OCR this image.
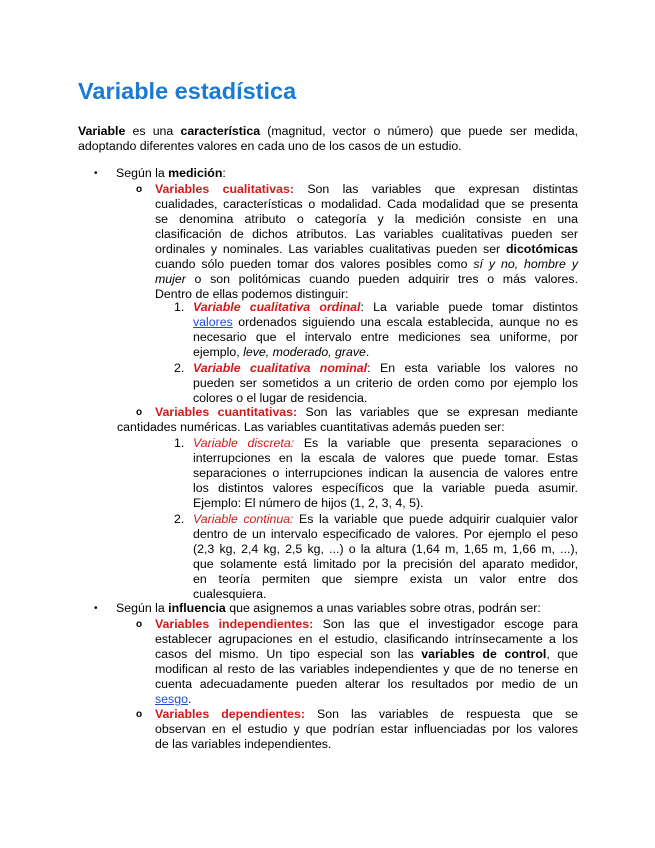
Variable estadística
Variable es una característica (magnitud, vector o número) que puede ser medida,
adoptando diferentes valores en cada uno de los casos de un estudio.
• Según la medición:
o Variables cualitativas: Son las variables que expresan distintas

cualidades, características o modalidad. Cada modalidad que se presenta

se denomina atributo o categoría y la medición consiste en una

clasificación de dichos atributos. Las variables cualitativas pueden ser

ordinales y nominales. Las variables cualitativas pueden ser dicotómicas

cuando sólo pueden tomar dos valores posibles como sí y no, hombre y

mujer o son politómicas cuando pueden adquirir tres o más valores.

Dentro de ellas podemos distinguir:

1. Variable cualitativa ordinal: La variable puede tomar distintos

valores ordenados siguiendo una escala establecida, aunque no es

necesario que el intervalo entre mediciones sea uniforme, por

ejemplo, leve, moderado, grave.

2. Variable cualitativa nominal: En esta variable los valores no

pueden ser sometidos a un criterio de orden como por ejemplo los

colores o el lugar de residencia.

o Variables cuantitativas: Son las variables que se expresan mediante

cantidades numéricas. Las variables cuantitativas además pueden ser:

1. Variable discreta: Es la variable que presenta separaciones o

interrupciones en la escala de valores que puede tomar. Estas

separaciones o interrupciones indican la ausencia de valores entre

los distintos valores específicos que la variable pueda asumir.

Ejemplo: El número de hijos (1, 2, 3, 4, 5).

2. Variable continua: Es la variable que puede adquirir cualquier valor

dentro de un intervalo especificado de valores. Por ejemplo el peso

(2,3 kg, 2,4 kg, 2,5 kg, ...) o la altura (1,64 m, 1,65 m, 1,66 m, ...),

que solamente está limitado por la precisión del aparato medidor,

en teoría permiten que siempre exista un valor entre dos

cualesquiera.

• Según la influencia que asignemos a unas variables sobre otras, podrán ser:
o Variables independientes: Son las que el investigador escoge para

establecer agrupaciones en el estudio, clasificando intrínsecamente a los

casos del mismo. Un tipo especial son las variables de control, que

modifican al resto de las variables independientes y que de no tenerse en

cuenta adecuadamente pueden alterar los resultados por medio de un

sesgo.

o Variables dependientes: Son las variables de respuesta que se

observan en el estudio y que podrían estar influenciadas por los valores

de las variables independientes.
